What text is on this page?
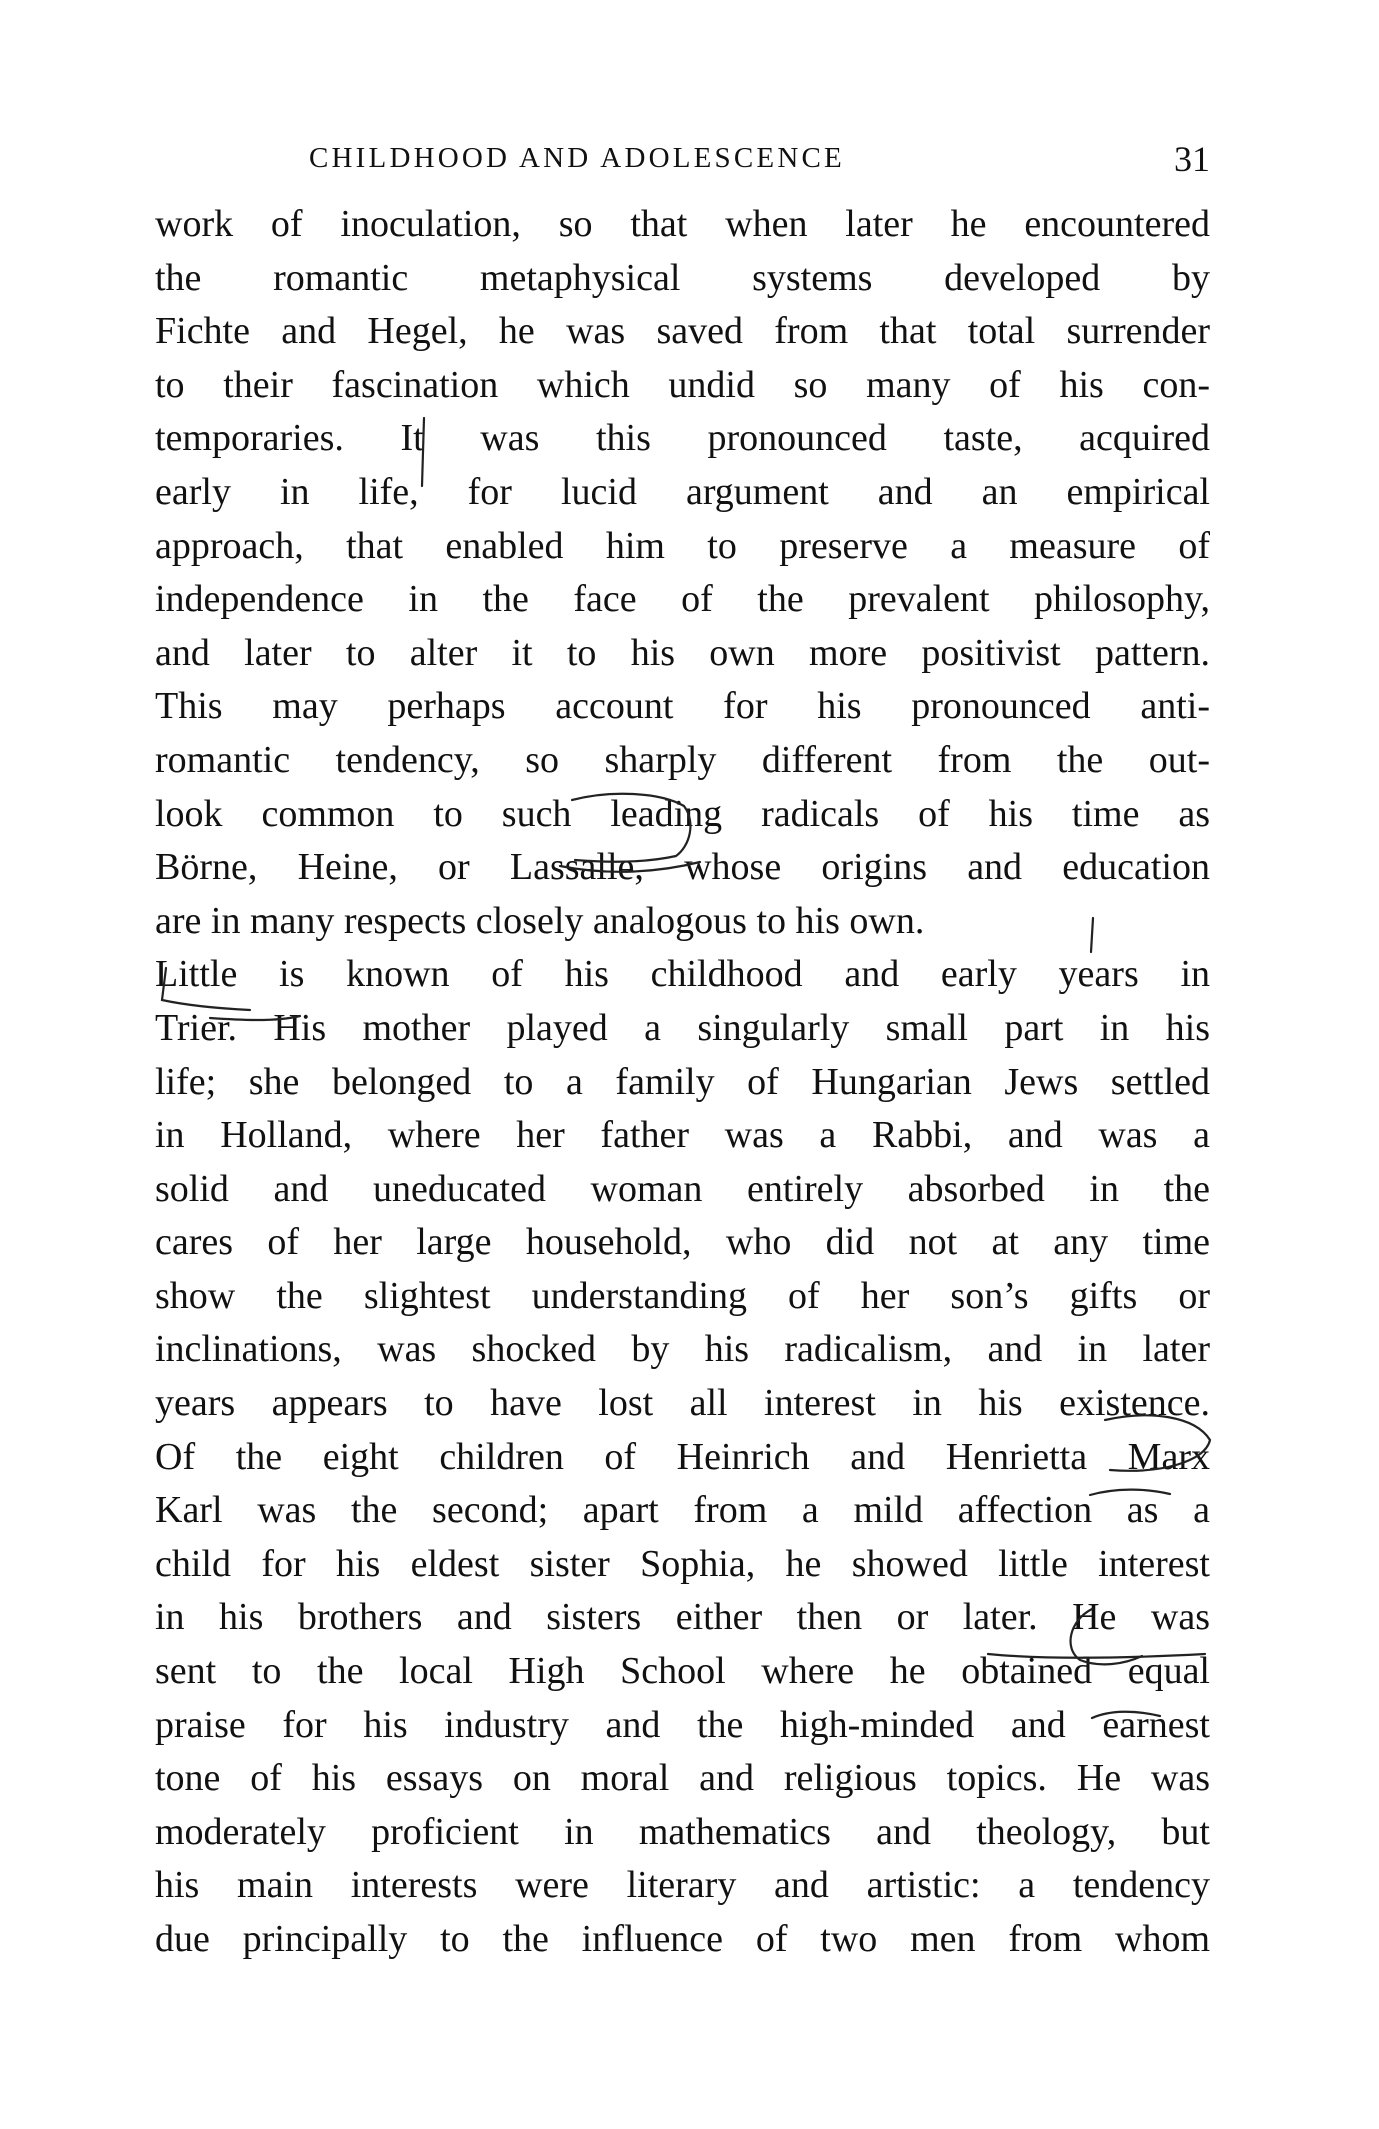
CHILDHOOD AND ADOLESCENCE	31
work of inoculation, so that when later he encountered
the romantic metaphysical systems developed by
Fichte and Hegel, he was saved from that total surrender
to their fascination which undid so many of his con-
temporaries. It was this pronounced taste, acquired
early in life, for lucid argument and an empirical
approach, that enabled him to preserve a measure of
independence in the face of the prevalent philosophy,
and later to alter it to his own more positivist pattern.
This may perhaps account for his pronounced anti-
romantic tendency, so sharply different from the out-
look common to such leading radicals of his time as
Börne, Heine, or Lassalle, whose origins and education
are in many respects closely analogous to his own.
Little is known of his childhood and early years in
Trier. His mother played a singularly small part in his
life; she belonged to a family of Hungarian Jews settled
in Holland, where her father was a Rabbi, and was a
solid and uneducated woman entirely absorbed in the
cares of her large household, who did not at any time
show the slightest understanding of her son’s gifts or
inclinations, was shocked by his radicalism, and in later
years appears to have lost all interest in his existence.
Of the eight children of Heinrich and Henrietta Marx
Karl was the second; apart from a mild affection as a
child for his eldest sister Sophia, he showed little interest
in his brothers and sisters either then or later. He was
sent to the local High School where he obtained equal
praise for his industry and the high-minded and earnest
tone of his essays on moral and religious topics. He was
moderately proficient in mathematics and theology, but
his main interests were literary and artistic: a tendency
due principally to the influence of two men from whom
